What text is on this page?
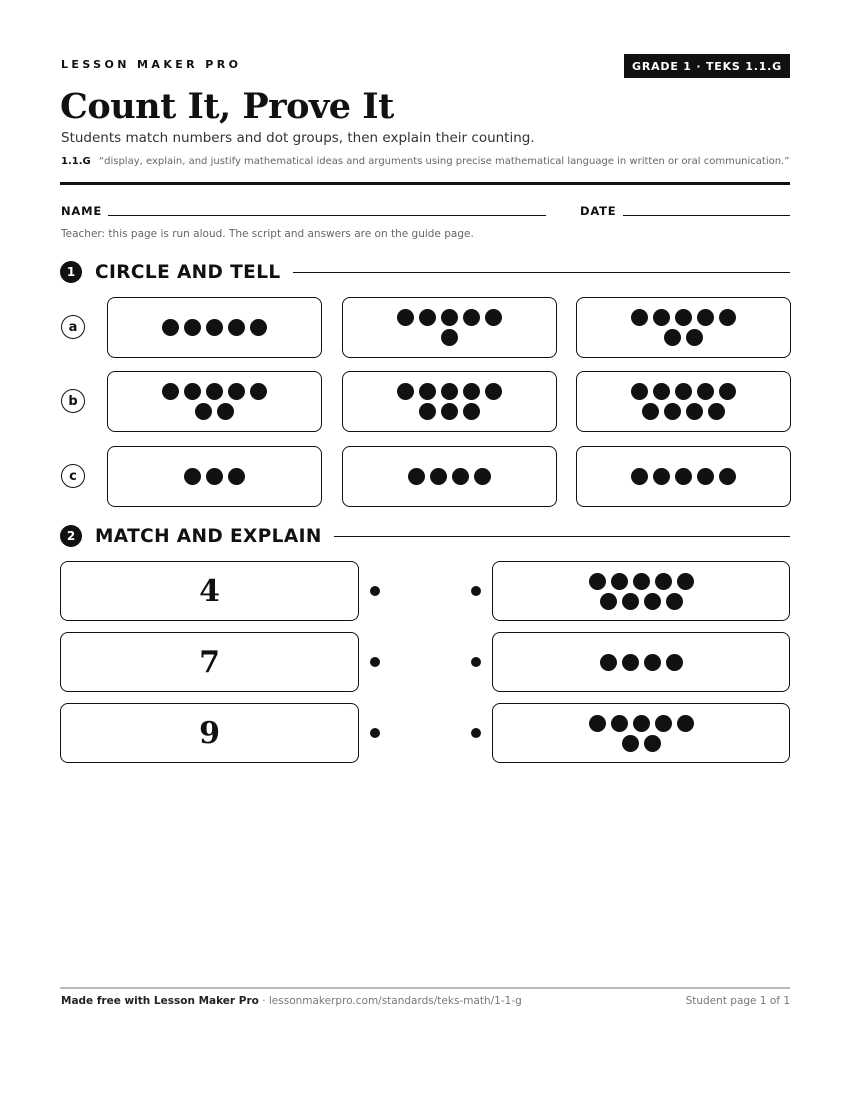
LESSON MAKER PRO	GRADE 1 · TEKS 1.1.G
Count It, Prove It
Students match numbers and dot groups, then explain their counting.
1.1.G “display, explain, and justify mathematical ideas and arguments using precise mathematical language in written or oral communication.”
NAME	DATE
Teacher: this page is run aloud. The script and answers are on the guide page.
1	CIRCLE AND TELL
a
b
c
2	MATCH AND EXPLAIN
4
7
9
Made free with Lesson Maker Pro · lessonmakerpro.com/standards/teks-math/1-1-g	Student page 1 of 1
